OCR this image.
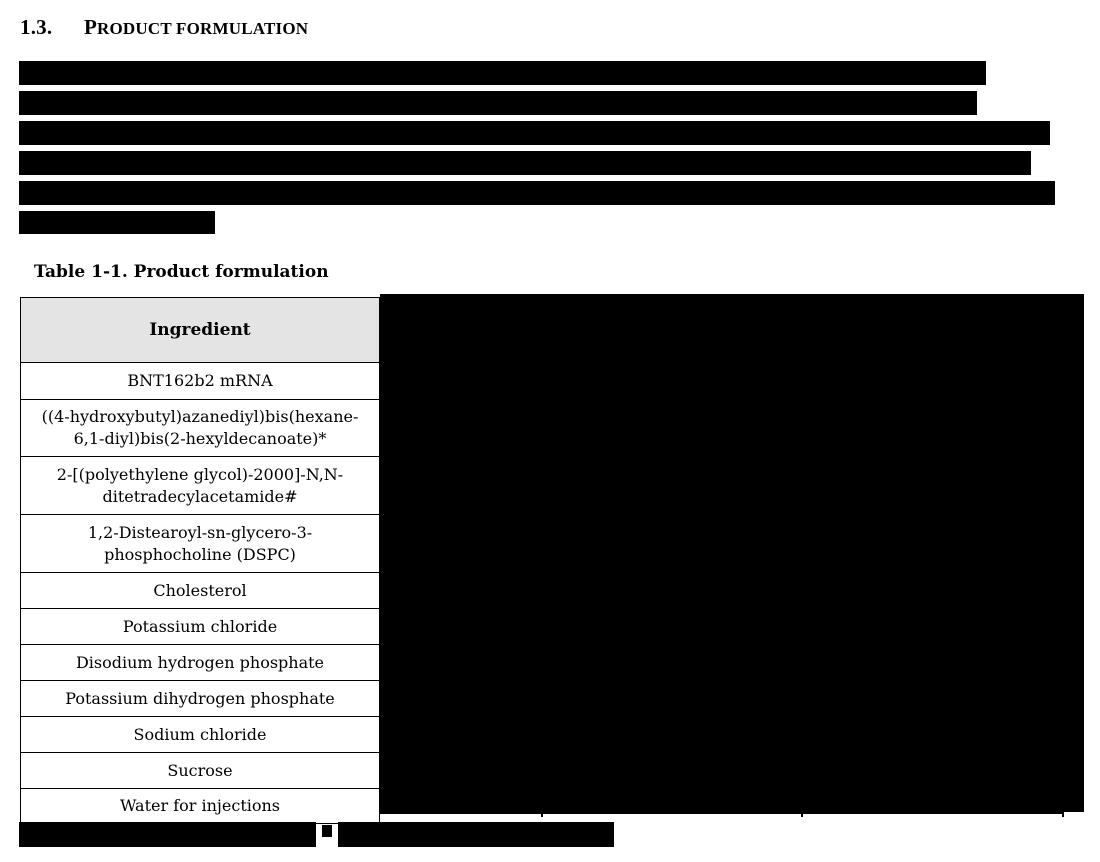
1.3. PRODUCT FORMULATION
Table 1-1. Product formulation
Ingredient

BNT162b2 mRNA

((4-hydroxybutyl)azanediyl)bis(hexane-
6,1-diyl)bis(2-hexyldecanoate)*

2-[(polyethylene glycol)-2000]-N,N-
ditetradecylacetamide#

1,2-Distearoyl-sn-glycero-3-
phosphocholine (DSPC)

Cholesterol

Potassium chloride

Disodium hydrogen phosphate

Potassium dihydrogen phosphate

Sodium chloride

Sucrose

Water for injections
